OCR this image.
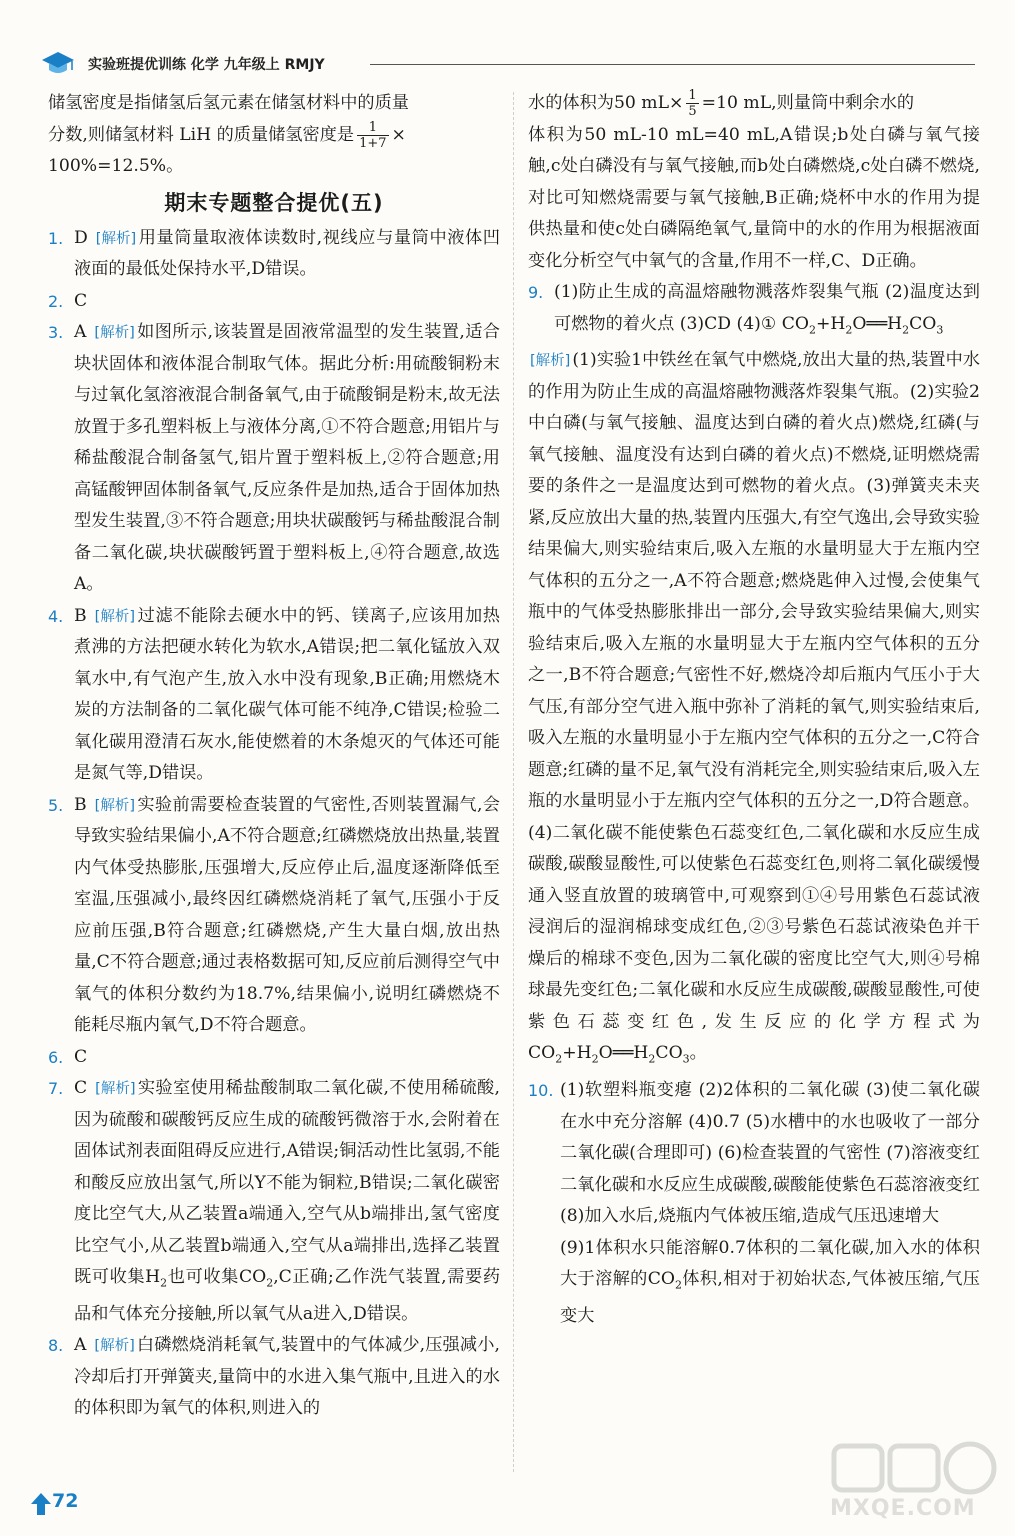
实验班提优训练 化学 九年级上 RMJY

储氢密度是指储氢后氢元素在储氢材料中的质量

分数,则储氢材料 LiH 的质量储氢密度是 $\frac{1}{1+7}$ ×

100%=12.5%。

期末专题整合提优(五)

1. D [ 解析 ] 用量筒量取液体读数时,视线应与量筒中液体凹液面的最低处保持水平,D错误。

2. C

3. A [ 解析 ] 如图所示,该装置是固液常温型的发生装置,适合块状固体和液体混合制取气体。据此分析:用硫酸铜粉末与过氧化氢溶液混合制备氧气,由于硫酸铜是粉末,故无法放置于多孔塑料板上与液体分离,①不符合题意;用铝片与稀盐酸混合制备氢气,铝片置于塑料板上,②符合题意;用高锰酸钾固体制备氧气,反应条件是加热,适合于固体加热型发生装置,③不符合题意;用块状碳酸钙与稀盐酸混合制备二氧化碳,块状碳酸钙置于塑料板上,④符合题意,故选A。

4. B [ 解析 ] 过滤不能除去硬水中的钙、镁离子,应该用加热煮沸的方法把硬水转化为软水,A错误;把二氧化锰放入双氧水中,有气泡产生,放入水中没有现象,B正确;用燃烧木炭的方法制备的二氧化碳气体可能不纯净,C错误;检验二氧化碳用澄清石灰水,能使燃着的木条熄灭的气体还可能是氮气等,D错误。

5. B [ 解析 ] 实验前需要检查装置的气密性,否则装置漏气,会导致实验结果偏小,A不符合题意;红磷燃烧放出热量,装置内气体受热膨胀,压强增大,反应停止后,温度逐渐降低至室温,压强减小,最终因红磷燃烧消耗了氧气,压强小于反应前压强,B符合题意;红磷燃烧,产生大量白烟,放出热量,C不符合题意;通过表格数据可知,反应前后测得空气中氧气的体积分数约为18.7%,结果偏小,说明红磷燃烧不能耗尽瓶内氧气,D不符合题意。

6. C

7. C [ 解析 ] 实验室使用稀盐酸制取二氧化碳,不使用稀硫酸,因为硫酸和碳酸钙反应生成的硫酸钙微溶于水,会附着在固体试剂表面阻碍反应进行,A错误;铜活动性比氢弱,不能和酸反应放出氢气,所以Y不能为铜粒,B错误;二氧化碳密度比空气大,从乙装置a端通入,空气从b端排出,氢气密度比空气小,从乙装置b端通入,空气从a端排出,选择乙装置既可收集$H_2$也可收集$CO_2,C$正确;乙作洗气装置,需要药品和气体充分接触,所以氧气从a进入,D错误。

8. A [ 解析 ] 白磷燃烧消耗氧气,装置中的气体减少,压强减小,冷却后打开弹簧夹,量筒中的水进入集气瓶中,且进入的水的体积即为氧气的体积,则进入的

水的体积为50 $mL\times \frac{1}{5} =10$ mL,则量筒中剩余水的

体积为50 mL-10 mL=40 mL,A错误;b处白磷与氧气接触,c处白磷没有与氧气接触,而b处白磷燃烧,c处白磷不燃烧,对比可知燃烧需要与氧气接触,B正确;烧杯中水的作用为提供热量和使c处白磷隔绝氧气,量筒中的水的作用为根据液面变化分析空气中氧气的含量,作用不一样,C、D正确。

9. (1)防止生成的高温熔融物溅落炸裂集气瓶 (2)温度达到可燃物的着火点 (3)CD (4)① $CO_2+H_2O══H_2CO_3$

[ 解析 ] (1)实验1中铁丝在氧气中燃烧,放出大量的热,装置中水的作用为防止生成的高温熔融物溅落炸裂集气瓶。(2)实验2中白磷(与氧气接触、温度达到白磷的着火点)燃烧,红磷(与氧气接触、温度没有达到白磷的着火点)不燃烧,证明燃烧需要的条件之一是温度达到可燃物的着火点。(3)弹簧夹未夹紧,反应放出大量的热,装置内压强大,有空气逸出,会导致实验结果偏大,则实验结束后,吸入左瓶的水量明显大于左瓶内空气体积的五分之一,A不符合题意;燃烧匙伸入过慢,会使集气瓶中的气体受热膨胀排出一部分,会导致实验结果偏大,则实验结束后,吸入左瓶的水量明显大于左瓶内空气体积的五分之一,B不符合题意;气密性不好,燃烧冷却后瓶内气压小于大气压,有部分空气进入瓶中弥补了消耗的氧气,则实验结束后,吸入左瓶的水量明显小于左瓶内空气体积的五分之一,C符合题意;红磷的量不足,氧气没有消耗完全,则实验结束后,吸入左瓶的水量明显小于左瓶内空气体积的五分之一,D符合题意。(4)二氧化碳不能使紫色石蕊变红色,二氧化碳和水反应生成碳酸,碳酸显酸性,可以使紫色石蕊变红色,则将二氧化碳缓慢通入竖直放置的玻璃管中,可观察到①④号用紫色石蕊试液浸润后的湿润棉球变成红色,②③号紫色石蕊试液染色并干燥后的棉球不变色,因为二氧化碳的密度比空气大,则④号棉球最先变红色;二氧化碳和水反应生成碳酸,碳酸显酸性,可使紫色石蕊变红色,发生反应的化学方程式为$CO_2+H_2O══H_2CO_3$。

10. (1)软塑料瓶变瘪 (2)2体积的二氧化碳 (3)使二氧化碳在水中充分溶解 (4)0.7 (5)水槽中的水也吸收了一部分二氧化碳(合理即可) (6)检查装置的气密性 (7)溶液变红 二氧化碳和水反应生成碳酸,碳酸能使紫色石蕊溶液变红 (8)加入水后,烧瓶内气体被压缩,造成气压迅速增大

(9)1体积水只能溶解0.7体积的二氧化碳,加入水的体积大于溶解的$CO_2$体积,相对于初始状态,气体被压缩,气压变大

72	MXQE.COM
